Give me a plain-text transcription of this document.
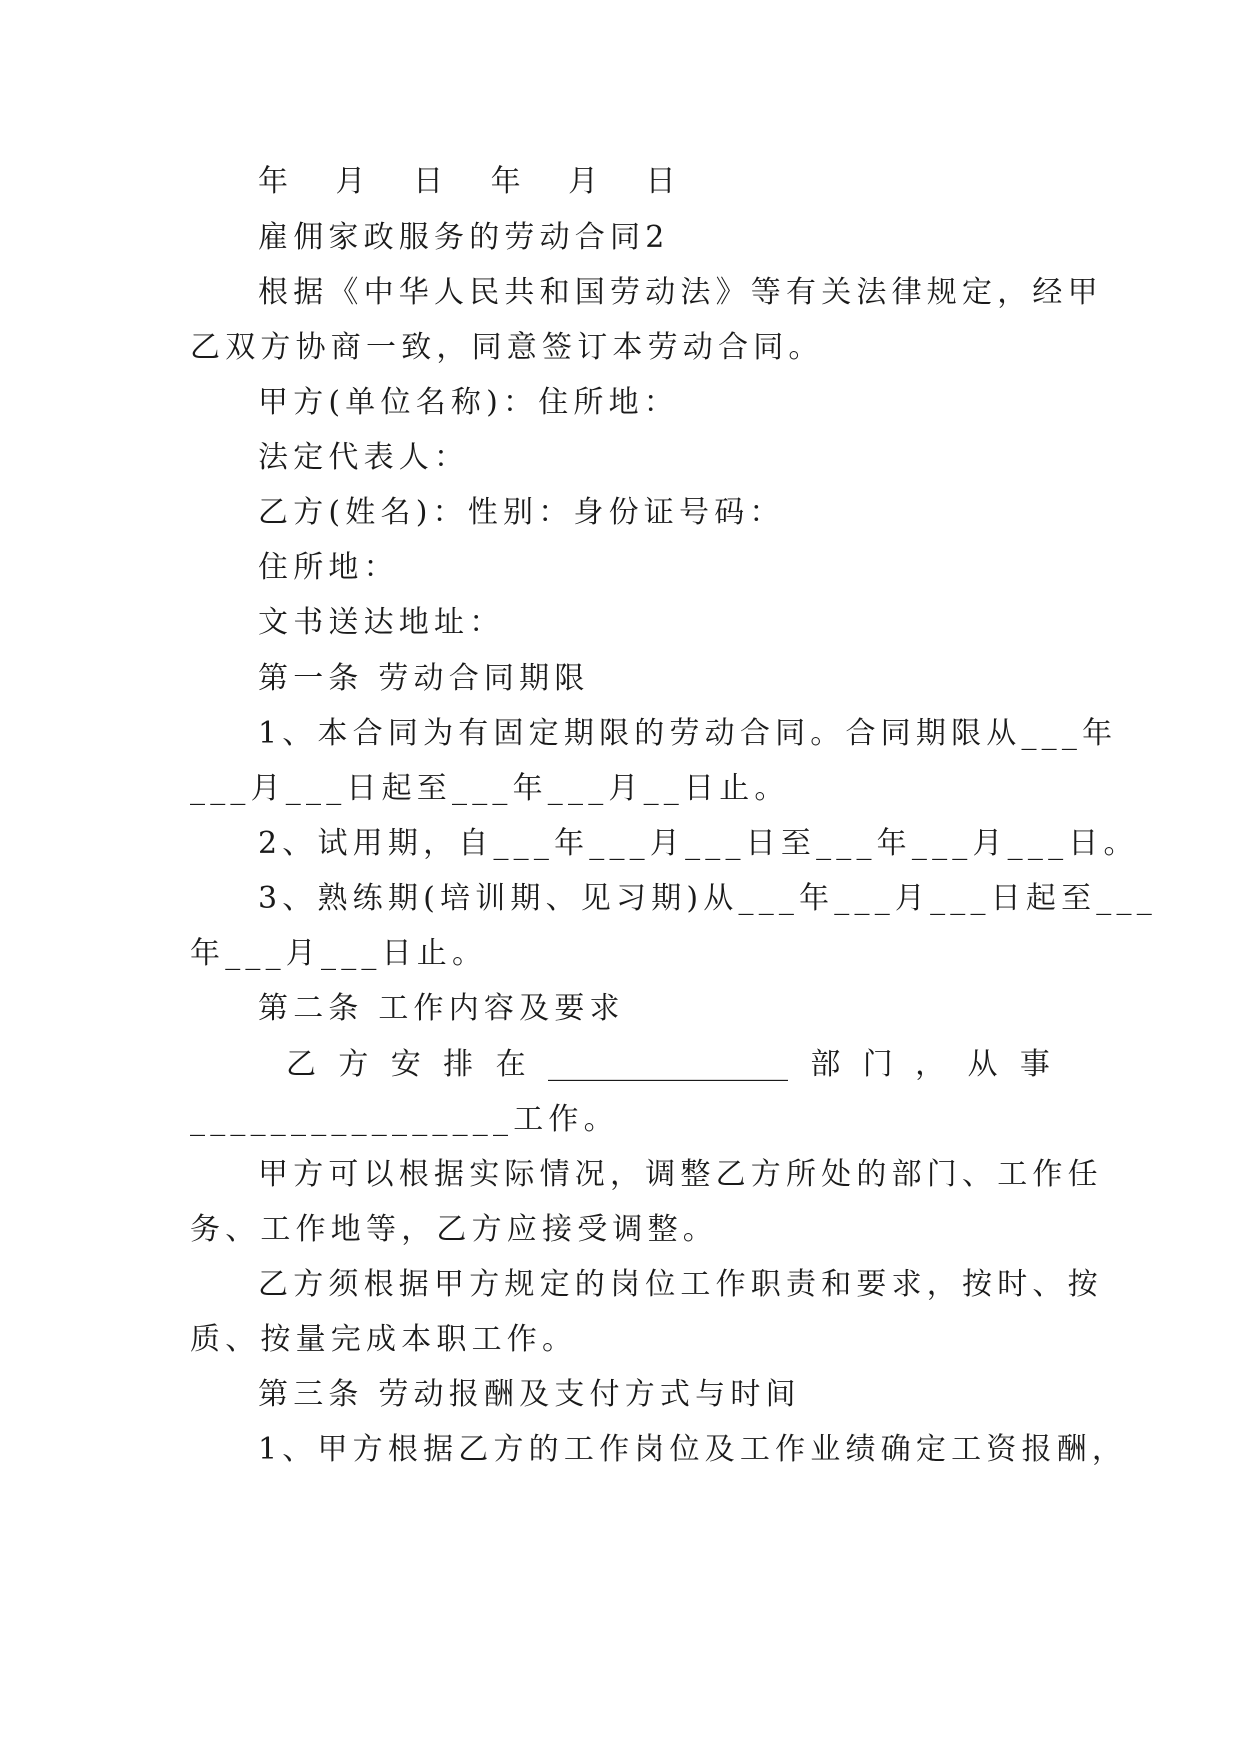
年 月 日 年 月 日
雇佣家政服务的劳动合同2
根据《中华人民共和国劳动法》等有关法律规定，经甲
乙双方协商一致，同意签订本劳动合同。
甲方(单位名称)：住所地：
法定代表人：
乙方(姓名)：性别：身份证号码：
住所地：
文书送达地址：
第一条 劳动合同期限
1、本合同为有固定期限的劳动合同。合同期限从___年
___月___日起至___年___月__日止。
2、试用期，自___年___月___日至___年___月___日。
3、熟练期(培训期、见习期)从___年___月___日起至___
年___月___日止。
第二条 工作内容及要求
乙 方 安 排 在 ________________ 部 门 ， 从 事
________________工作。
甲方可以根据实际情况，调整乙方所处的部门、工作任
务、工作地等，乙方应接受调整。
乙方须根据甲方规定的岗位工作职责和要求，按时、按
质、按量完成本职工作。
第三条 劳动报酬及支付方式与时间
1、甲方根据乙方的工作岗位及工作业绩确定工资报酬，
